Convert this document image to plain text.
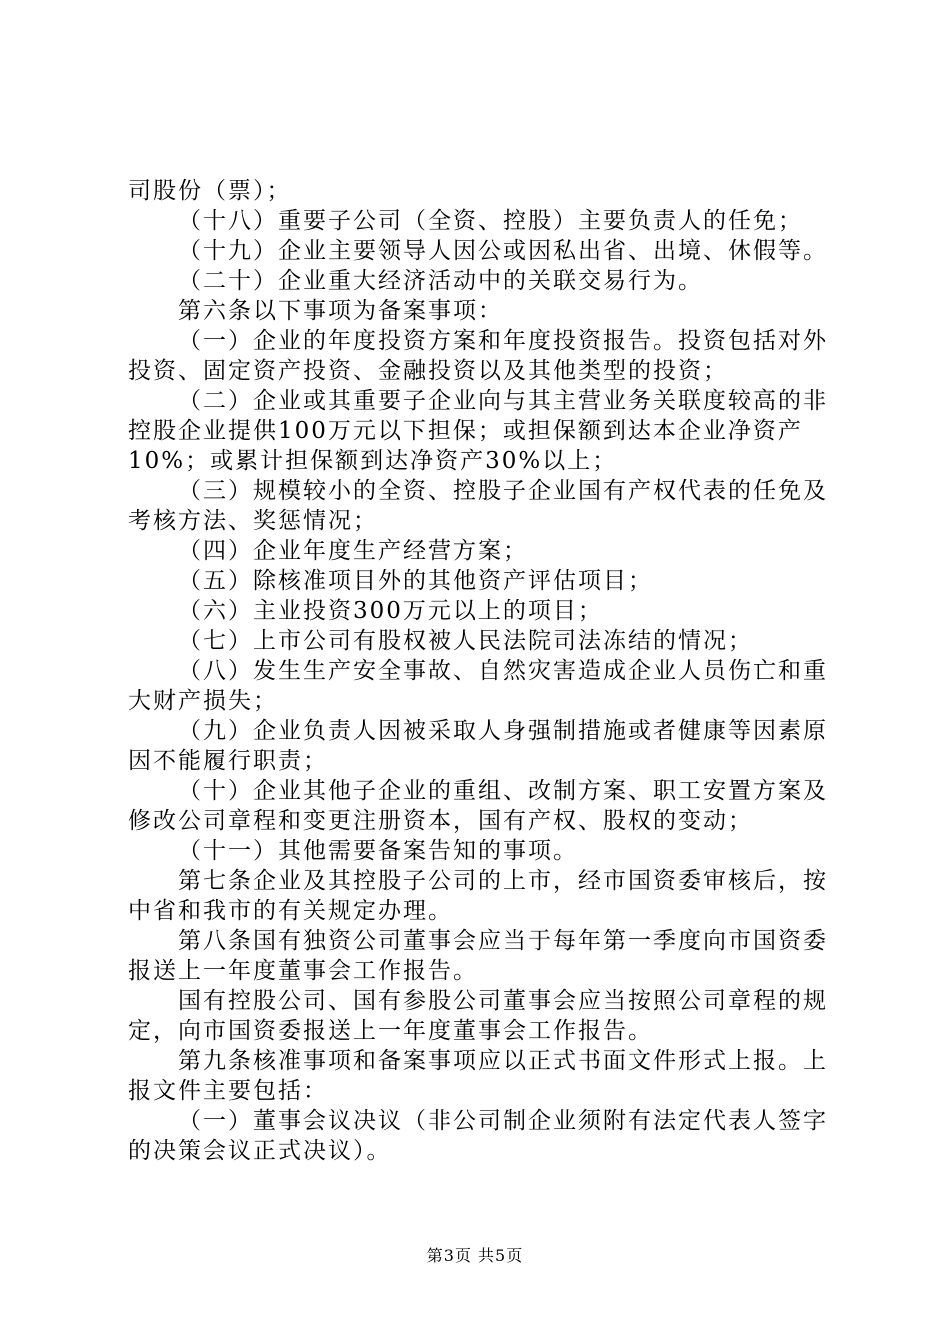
司股份（票）；
（十八）重要子公司（全资、控股）主要负责人的任免；
（十九）企业主要领导人因公或因私出省、出境、休假等。
（二十）企业重大经济活动中的关联交易行为。
第六条以下事项为备案事项：
（一）企业的年度投资方案和年度投资报告。投资包括对外
投资、固定资产投资、金融投资以及其他类型的投资；
（二）企业或其重要子企业向与其主营业务关联度较高的非
控股企业提供100万元以下担保；或担保额到达本企业净资产
10%；或累计担保额到达净资产30%以上；
（三）规模较小的全资、控股子企业国有产权代表的任免及
考核方法、奖惩情况；
（四）企业年度生产经营方案；
（五）除核准项目外的其他资产评估项目；
（六）主业投资300万元以上的项目；
（七）上市公司有股权被人民法院司法冻结的情况；
（八）发生生产安全事故、自然灾害造成企业人员伤亡和重
大财产损失；
（九）企业负责人因被采取人身强制措施或者健康等因素原
因不能履行职责；
（十）企业其他子企业的重组、改制方案、职工安置方案及
修改公司章程和变更注册资本，国有产权、股权的变动；
（十一）其他需要备案告知的事项。
第七条企业及其控股子公司的上市，经市国资委审核后，按
中省和我市的有关规定办理。
第八条国有独资公司董事会应当于每年第一季度向市国资委
报送上一年度董事会工作报告。
国有控股公司、国有参股公司董事会应当按照公司章程的规
定，向市国资委报送上一年度董事会工作报告。
第九条核准事项和备案事项应以正式书面文件形式上报。上
报文件主要包括：
（一）董事会议决议（非公司制企业须附有法定代表人签字
的决策会议正式决议）。
第3页 共5页
